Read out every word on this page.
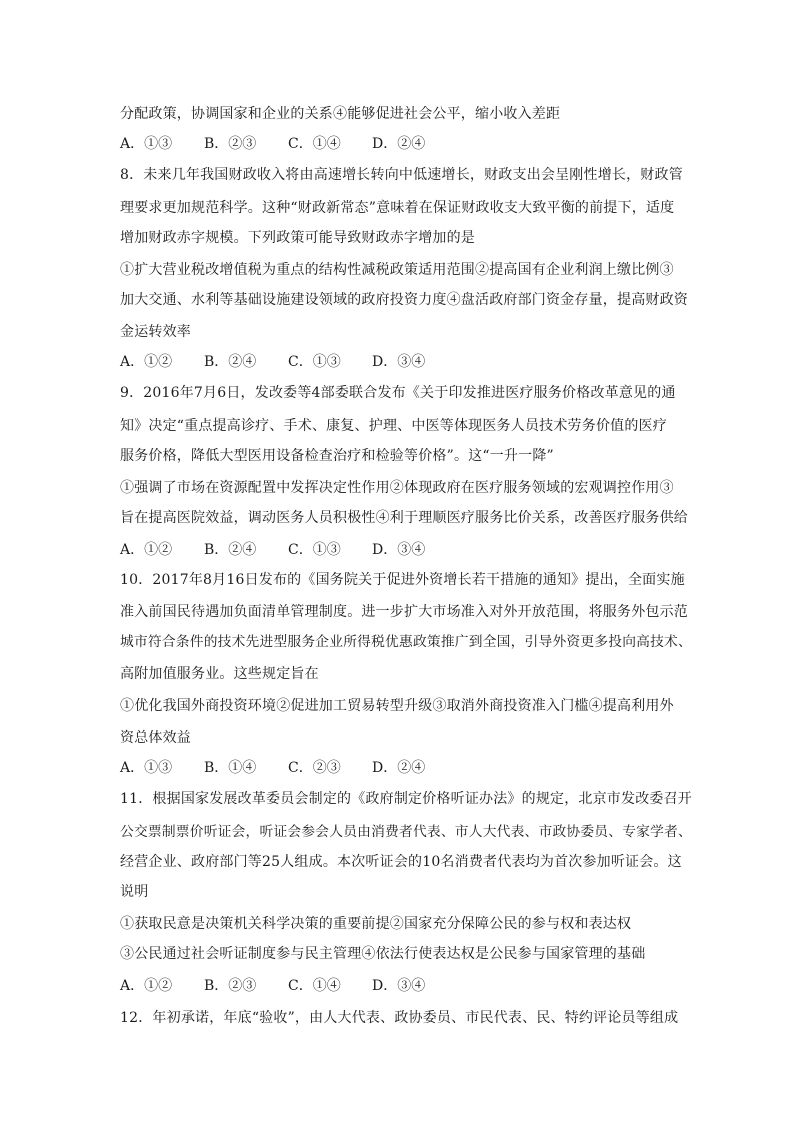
分配政策，协调国家和企业的关系④能够促进社会公平，缩小收入差距
A．①③ B．②③ C．①④ D．②④
8．未来几年我国财政收入将由高速增长转向中低速增长，财政支出会呈刚性增长，财政管
理要求更加规范科学。这种“财政新常态”意味着在保证财政收支大致平衡的前提下，适度
增加财政赤字规模。下列政策可能导致财政赤字增加的是
①扩大营业税改增值税为重点的结构性减税政策适用范围②提高国有企业利润上缴比例③
加大交通、水利等基础设施建设领域的政府投资力度④盘活政府部门资金存量，提高财政资
金运转效率
A．①② B．②④ C．①③ D．③④
9．2016年7月6日，发改委等4部委联合发布《关于印发推进医疗服务价格改革意见的通
知》决定“重点提高诊疗、手术、康复、护理、中医等体现医务人员技术劳务价值的医疗
服务价格，降低大型医用设备检查治疗和检验等价格”。这“一升一降”
①强调了市场在资源配置中发挥决定性作用②体现政府在医疗服务领域的宏观调控作用③
旨在提高医院效益，调动医务人员积极性④利于理顺医疗服务比价关系，改善医疗服务供给
A．①② B．②④ C．①③ D．③④
10．2017年8月16日发布的《国务院关于促进外资增长若干措施的通知》提出，全面实施
准入前国民待遇加负面清单管理制度。进一步扩大市场准入对外开放范围，将服务外包示范
城市符合条件的技术先进型服务企业所得税优惠政策推广到全国，引导外资更多投向高技术、
高附加值服务业。这些规定旨在
①优化我国外商投资环境②促进加工贸易转型升级③取消外商投资准入门槛④提高利用外
资总体效益
A．①③ B．①④ C．②③ D．②④
11．根据国家发展改革委员会制定的《政府制定价格听证办法》的规定，北京市发改委召开
公交票制票价听证会，听证会参会人员由消费者代表、市人大代表、市政协委员、专家学者、
经营企业、政府部门等25人组成。本次听证会的10名消费者代表均为首次参加听证会。这
说明
①获取民意是决策机关科学决策的重要前提②国家充分保障公民的参与权和表达权
③公民通过社会听证制度参与民主管理④依法行使表达权是公民参与国家管理的基础
A．①② B．②③ C．①④ D．③④
12．年初承诺，年底“验收”，由人大代表、政协委员、市民代表、民、特约评论员等组成
